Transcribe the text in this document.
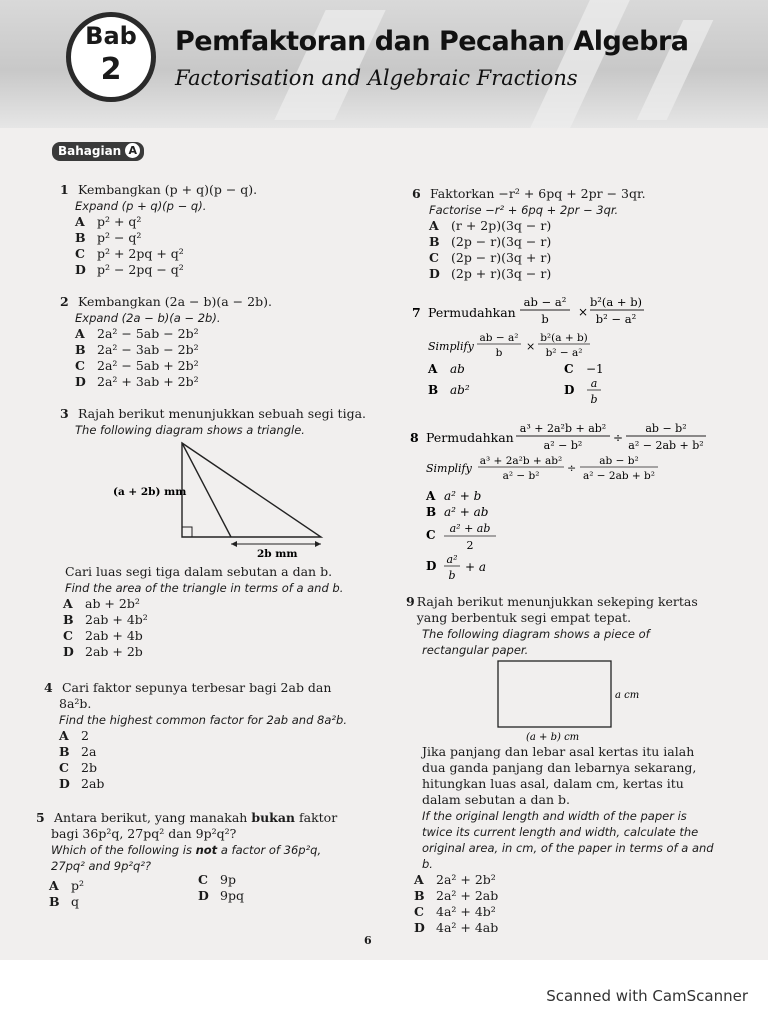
Bab
2
Pemfaktoran dan Pecahan Algebra
Factorisation and Algebraic Fractions
Bahagian A
1 Kembangkan (p + q)(p − q).
Expand (p + q)(p − q).
A p² + q²
B p² − q²
C p² + 2pq + q²
D p² − 2pq − q²
2 Kembangkan (2a − b)(a − 2b).
Expand (2a − b)(a − 2b).
A 2a² − 5ab − 2b²
B 2a² − 3ab − 2b²
C 2a² − 5ab + 2b²
D 2a² + 3ab + 2b²
3 Rajah berikut menunjukkan sebuah segi tiga.
The following diagram shows a triangle.
(a + 2b) mm
2b mm
Cari luas segi tiga dalam sebutan a dan b.
Find the area of the triangle in terms of a and b.
A ab + 2b²
B 2ab + 4b²
C 2ab + 4b
D 2ab + 2b
4 Cari faktor sepunya terbesar bagi 2ab dan
8a²b.
Find the highest common factor for 2ab and 8a²b.
A 2
B 2a
C 2b
D 2ab
5 Antara berikut, yang manakah bukan faktor
bagi 36p²q, 27pq² dan 9p²q²?
Which of the following is not a factor of 36p²q,
27pq² and 9p²q²?
A p²
B q
C 9p
D 9pq
6 Faktorkan −r² + 6pq + 2pr − 3qr.
Factorise −r² + 6pq + 2pr − 3qr.
A (r + 2p)(3q − r)
B (2p − r)(3q − r)
C (2p − r)(3q + r)
D (2p + r)(3q − r)
7 Permudahkan
ab − a²
b ×
b²(a + b)
b² − a²
Simplify
ab − a²
b ×
b²(a + b)
b² − a²
A ab	C −1
B ab²	D a
b
8 Permudahkan
a³ + 2a²b + ab²
a² − b²
÷
ab − b²
a² − 2ab + b²
Simplify
a³ + 2a²b + ab²
a² − b²
÷
ab − b²
a² − 2ab + b²
A a² + b
B a² + ab
C a² + ab
2
D a²
b
+ a
9 Rajah berikut menunjukkan sekeping kertas yang berbentuk segi empat tepat.
The following diagram shows a piece of rectangular paper.
a cm
(a + b) cm
Jika panjang dan lebar asal kertas itu ialah dua ganda panjang dan lebarnya sekarang, hitungkan luas asal, dalam cm, kertas itu dalam sebutan a dan b.
If the original length and width of the paper is twice its current length and width, calculate the original area, in cm, of the paper in terms of a and b.
A 2a² + 2b²
B 2a² + 2ab
C 4a² + 4b²
D 4a² + 4ab
6
Scanned with CamScanner
